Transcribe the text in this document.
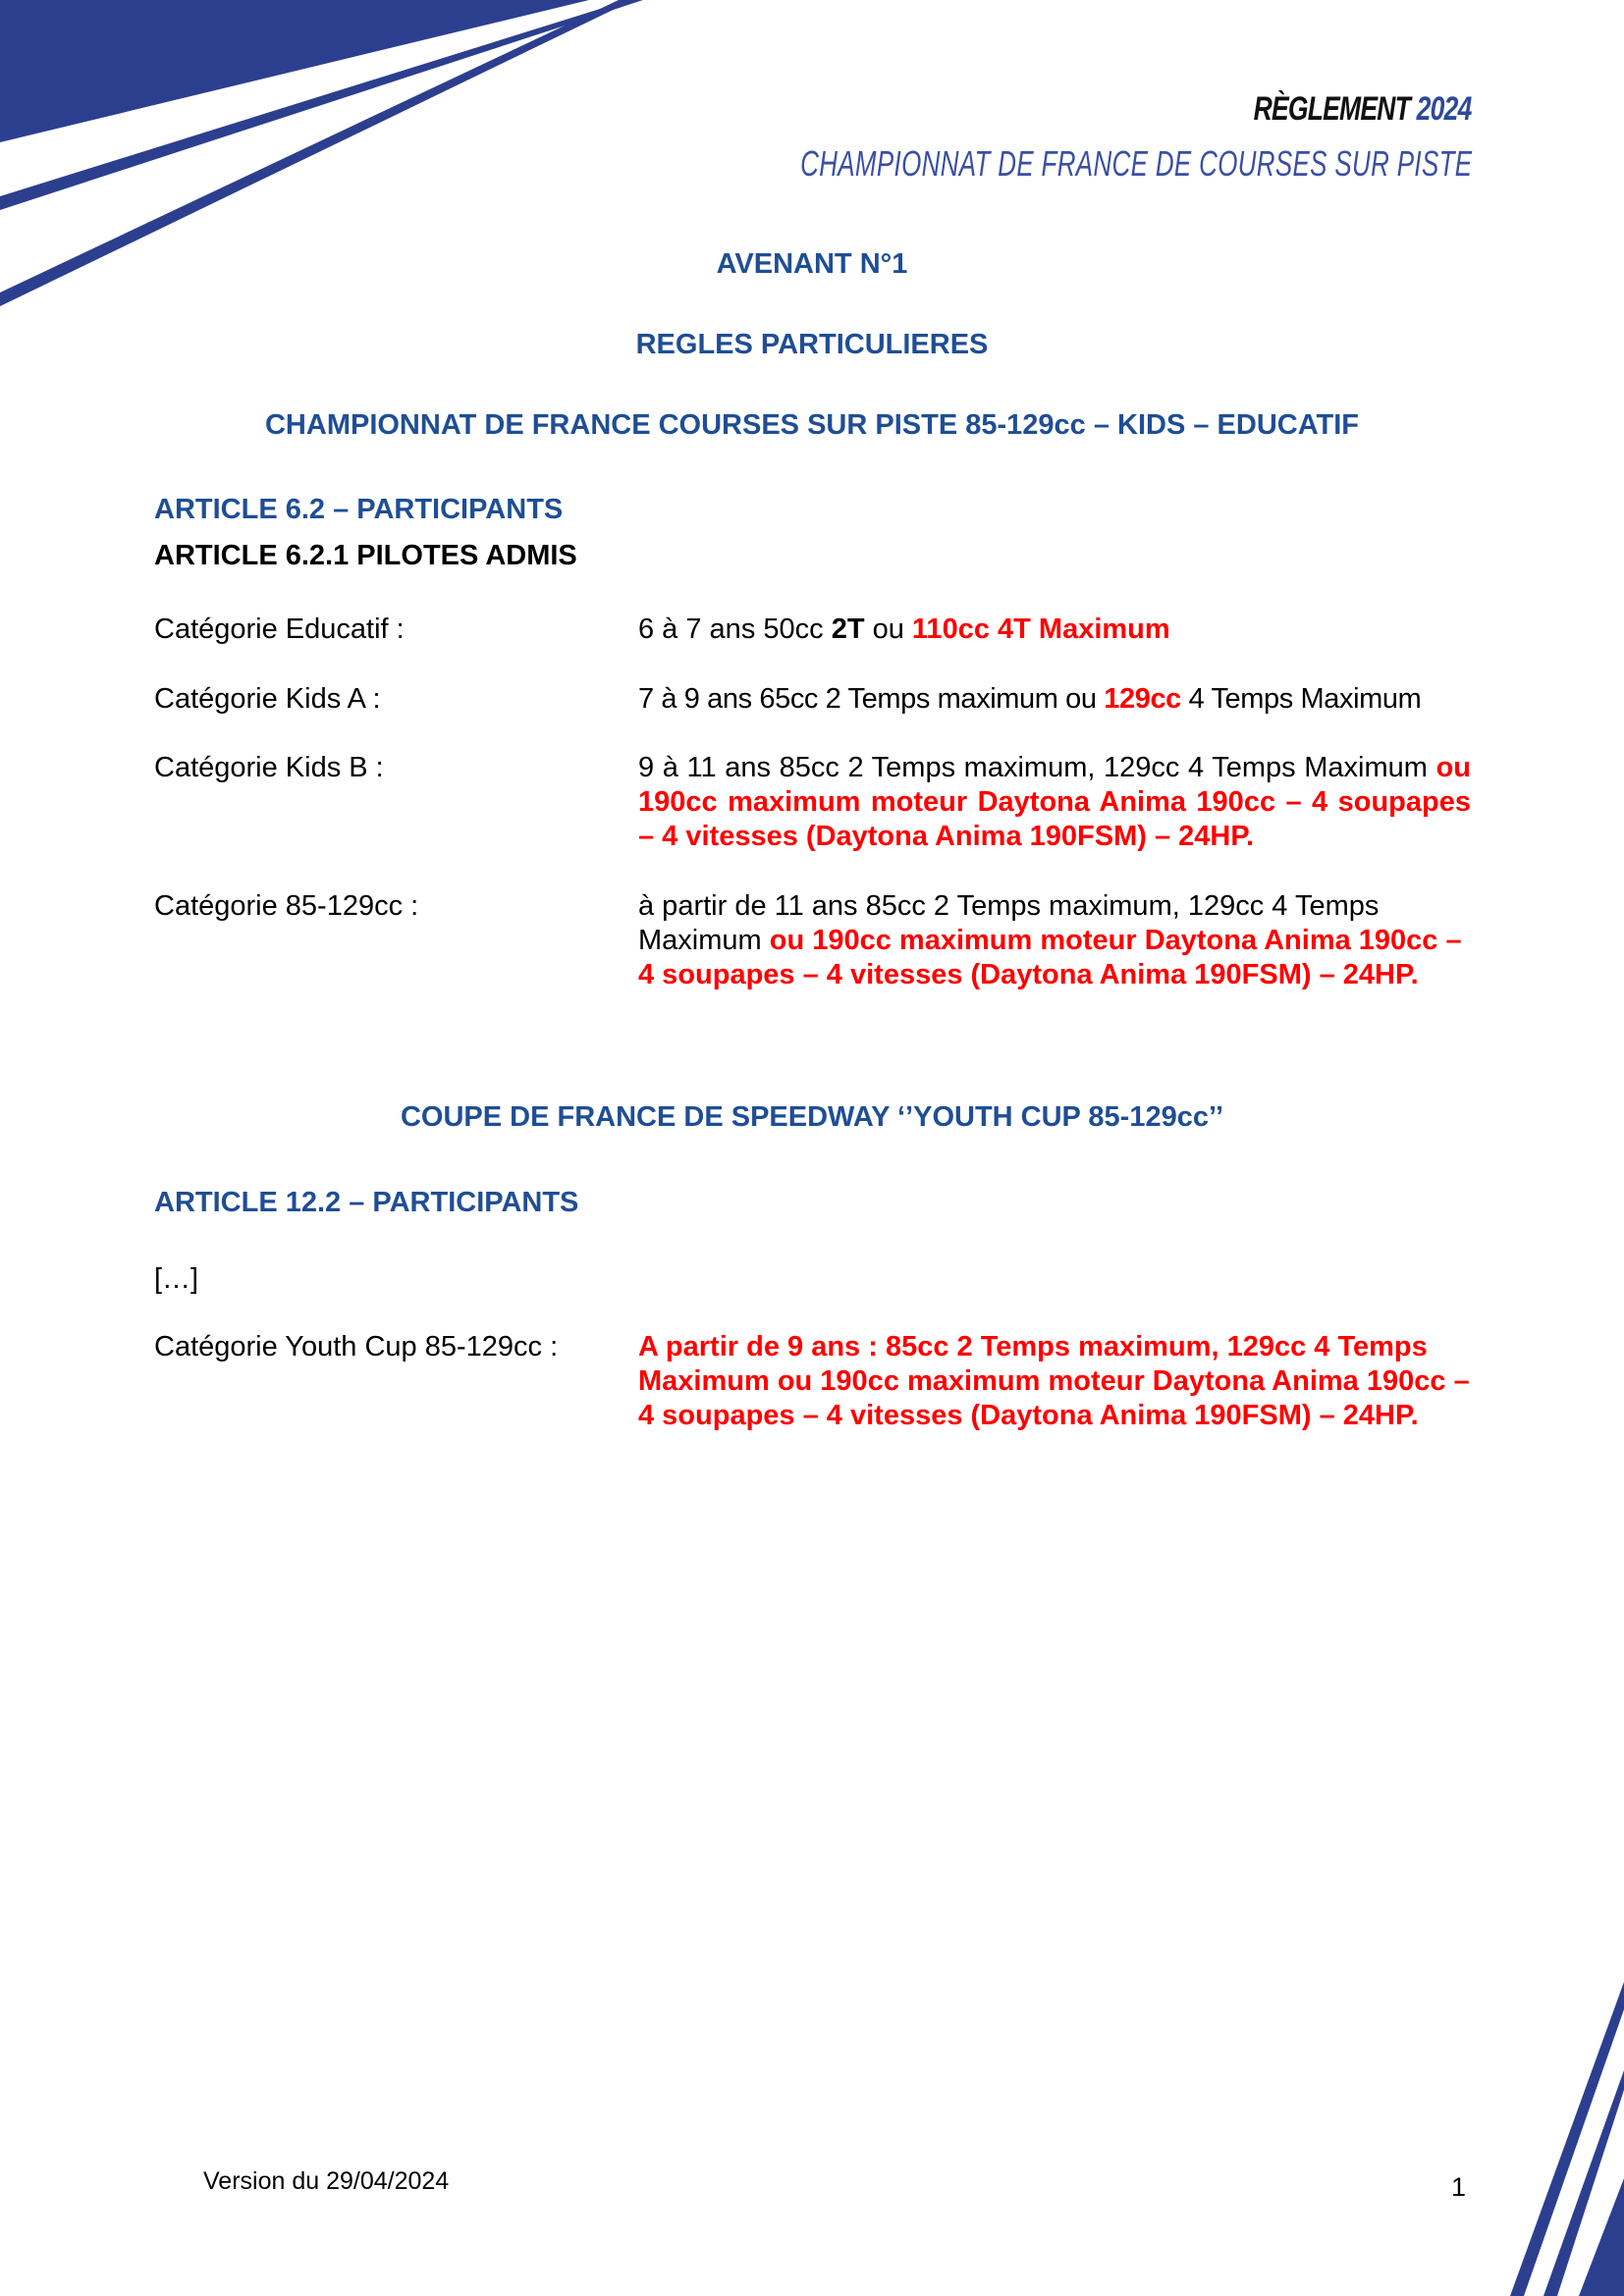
RÈGLEMENT 2024
CHAMPIONNAT DE FRANCE DE COURSES SUR PISTE
AVENANT N°1
REGLES PARTICULIERES
CHAMPIONNAT DE FRANCE COURSES SUR PISTE 85-129cc – KIDS – EDUCATIF
ARTICLE 6.2 – PARTICIPANTS
ARTICLE 6.2.1 PILOTES ADMIS
Catégorie Educatif :	6 à 7 ans 50cc 2T ou 110cc 4T Maximum
Catégorie Kids A :	7 à 9 ans 65cc 2 Temps maximum ou 129cc 4 Temps Maximum
Catégorie Kids B :	9 à 11 ans 85cc 2 Temps maximum, 129cc 4 Temps Maximum ou 190cc maximum moteur Daytona Anima 190cc – 4 soupapes – 4 vitesses (Daytona Anima 190FSM) – 24HP.
Catégorie 85-129cc :	à partir de 11 ans 85cc 2 Temps maximum, 129cc 4 Temps Maximum ou 190cc maximum moteur Daytona Anima 190cc – 4 soupapes – 4 vitesses (Daytona Anima 190FSM) – 24HP.
COUPE DE FRANCE DE SPEEDWAY ‘’YOUTH CUP 85-129cc’’
ARTICLE 12.2 – PARTICIPANTS
[…]
Catégorie Youth Cup 85-129cc :	A partir de 9 ans : 85cc 2 Temps maximum, 129cc 4 Temps Maximum ou 190cc maximum moteur Daytona Anima 190cc – 4 soupapes – 4 vitesses (Daytona Anima 190FSM) – 24HP.
Version du 29/04/2024	1
